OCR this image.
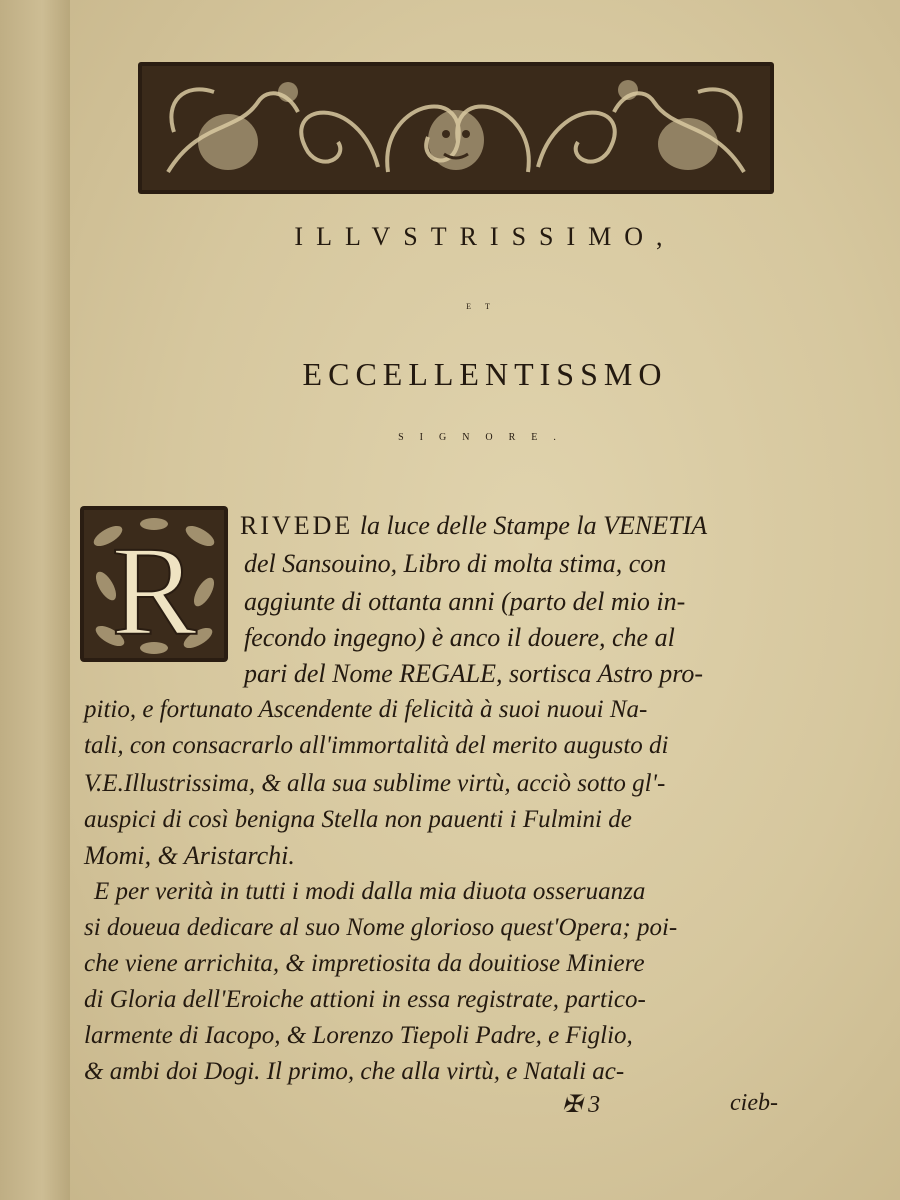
ILLVSTRISSIMO,
ET
ECCELLENTISSMO
SIGNORE.
R RIVEDE la luce delle Stampe la VENETIA
del Sansouino, Libro di molta stima, con
aggiunte di ottanta anni (parto del mio in-
fecondo ingegno) è anco il douere, che al
pari del Nome REGALE, sortisca Astro pro-
pitio, e fortunato Ascendente di felicità à suoi nuoui Na-
tali, con consacrarlo all'immortalità del merito augusto di
V.E.Illustrissima, & alla sua sublime virtù, acciò sotto gl'-
auspici di così benigna Stella non pauenti i Fulmini de
Momi, & Aristarchi.
E per verità in tutti i modi dalla mia diuota osseruanza
si doueua dedicare al suo Nome glorioso quest'Opera; poi-
che viene arrichita, & impretiosita da douitiose Miniere
di Gloria dell'Eroiche attioni in essa registrate, partico-
larmente di Iacopo, & Lorenzo Tiepoli Padre, e Figlio,
& ambi doi Dogi. Il primo, che alla virtù, e Natali ac-
✠ 3	cieb-
